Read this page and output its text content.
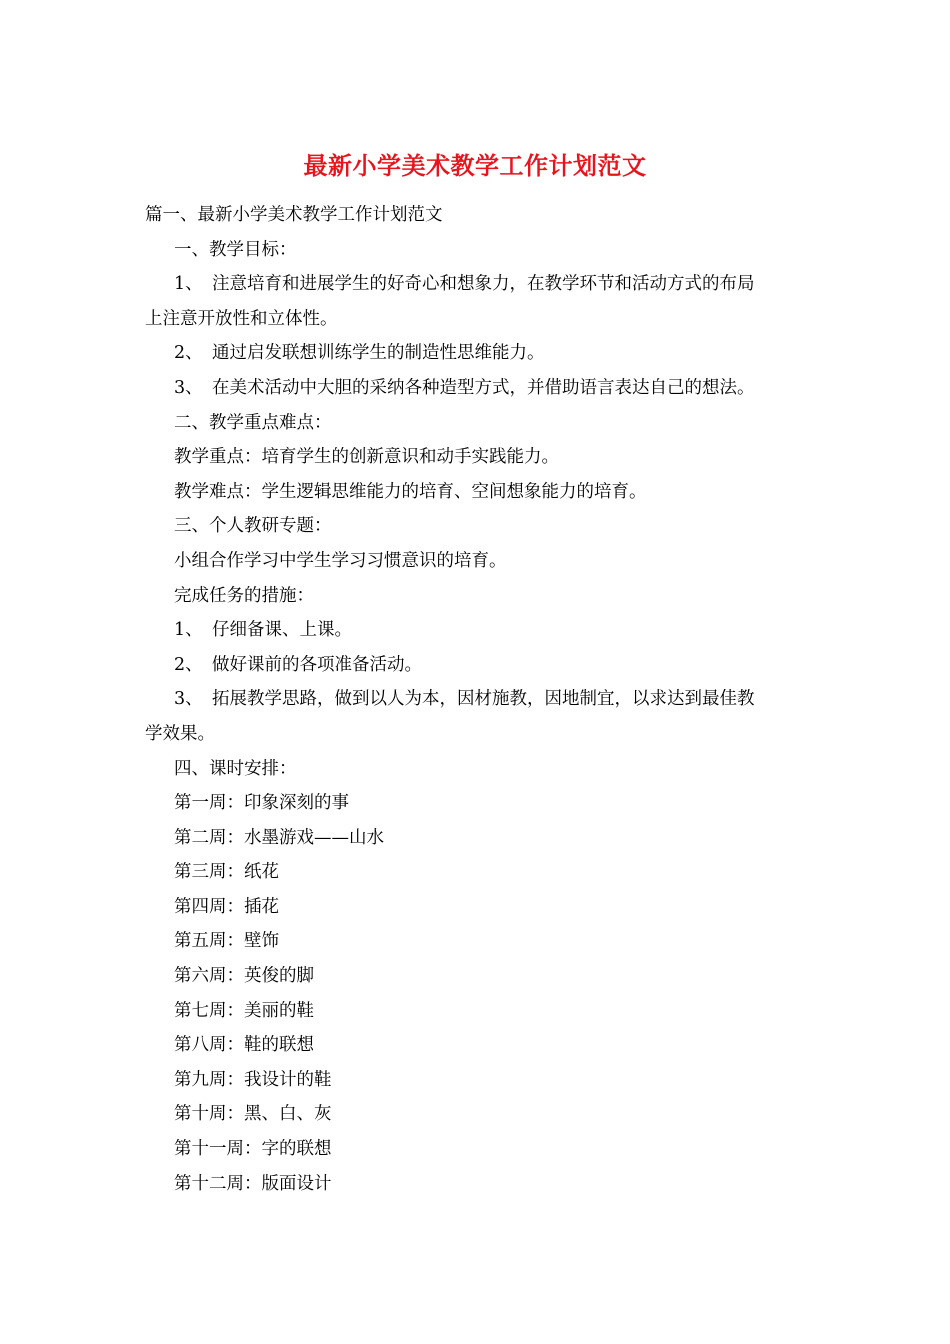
最新小学美术教学工作计划范文
篇一、最新小学美术教学工作计划范文
一、教学目标：
1、 注意培育和进展学生的好奇心和想象力，在教学环节和活动方式的布局
上注意开放性和立体性。
2、 通过启发联想训练学生的制造性思维能力。
3、 在美术活动中大胆的采纳各种造型方式，并借助语言表达自己的想法。
二、教学重点难点：
教学重点：培育学生的创新意识和动手实践能力。
教学难点：学生逻辑思维能力的培育、空间想象能力的培育。
三、个人教研专题：
小组合作学习中学生学习习惯意识的培育。
完成任务的措施：
1、 仔细备课、上课。
2、 做好课前的各项准备活动。
3、 拓展教学思路，做到以人为本，因材施教，因地制宜，以求达到最佳教
学效果。
四、课时安排：
第一周：印象深刻的事
第二周：水墨游戏——山水
第三周：纸花
第四周：插花
第五周：壁饰
第六周：英俊的脚
第七周：美丽的鞋
第八周：鞋的联想
第九周：我设计的鞋
第十周：黑、白、灰
第十一周：字的联想
第十二周：版面设计
